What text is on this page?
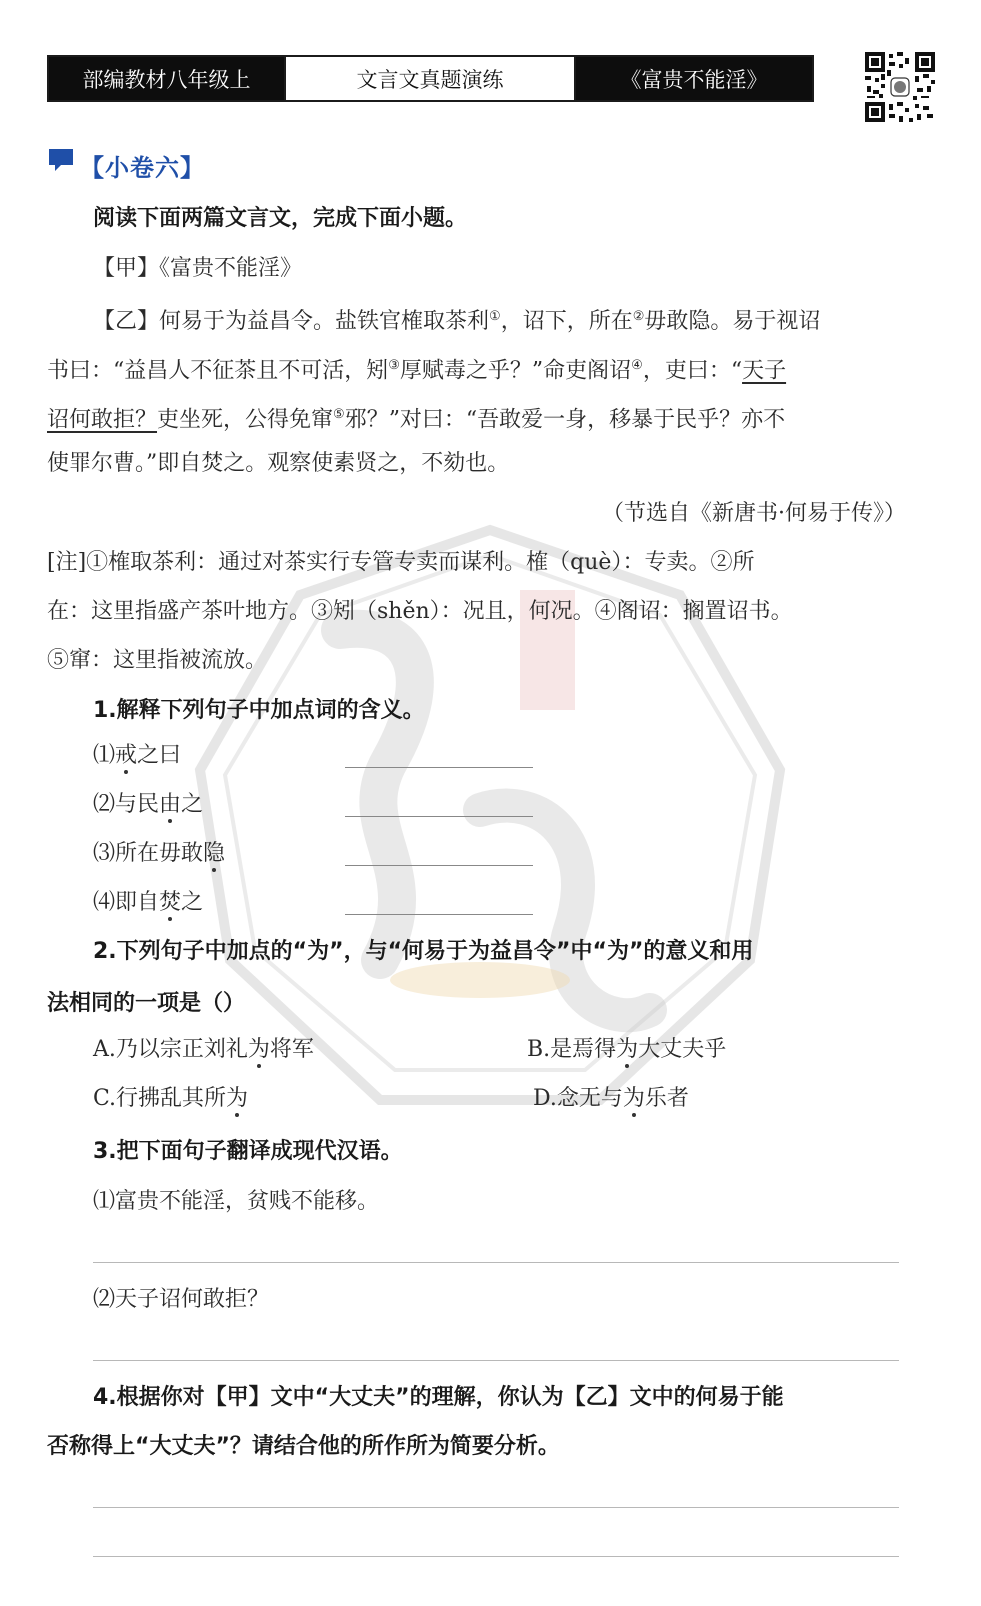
部编教材八年级上	文言文真题演练	《富贵不能淫》
【小卷六】
阅读下面两篇文言文，完成下面小题。
【甲】《富贵不能淫》
【乙】何易于为益昌令。盐铁官榷取茶利①，诏下，所在②毋敢隐。易于视诏
书曰：“益昌人不征茶且不可活，矧③厚赋毒之乎？”命吏阁诏④，吏曰：“天子
诏何敢拒？吏坐死，公得免窜⑤邪？”对曰：“吾敢爱一身，移暴于民乎？亦不
使罪尔曹。”即自焚之。观察使素贤之，不劾也。
（节选自《新唐书·何易于传》）
[注]①榷取茶利：通过对茶实行专管专卖而谋利。榷（què）：专卖。②所
在：这里指盛产茶叶地方。③矧（shěn）：况且，何况。④阁诏：搁置诏书。
⑤窜：这里指被流放。
1.解释下列句子中加点词的含义。
⑴戒之曰
⑵与民由之
⑶所在毋敢隐
⑷即自焚之
2.下列句子中加点的“为”，与“何易于为益昌令”中“为”的意义和用
法相同的一项是（）
A.乃以宗正刘礼为将军	B.是焉得为大丈夫乎
C.行拂乱其所为	D.念无与为乐者
3.把下面句子翻译成现代汉语。
⑴富贵不能淫，贫贱不能移。
⑵天子诏何敢拒？
4.根据你对【甲】文中“大丈夫”的理解，你认为【乙】文中的何易于能
否称得上“大丈夫”？请结合他的所作所为简要分析。
